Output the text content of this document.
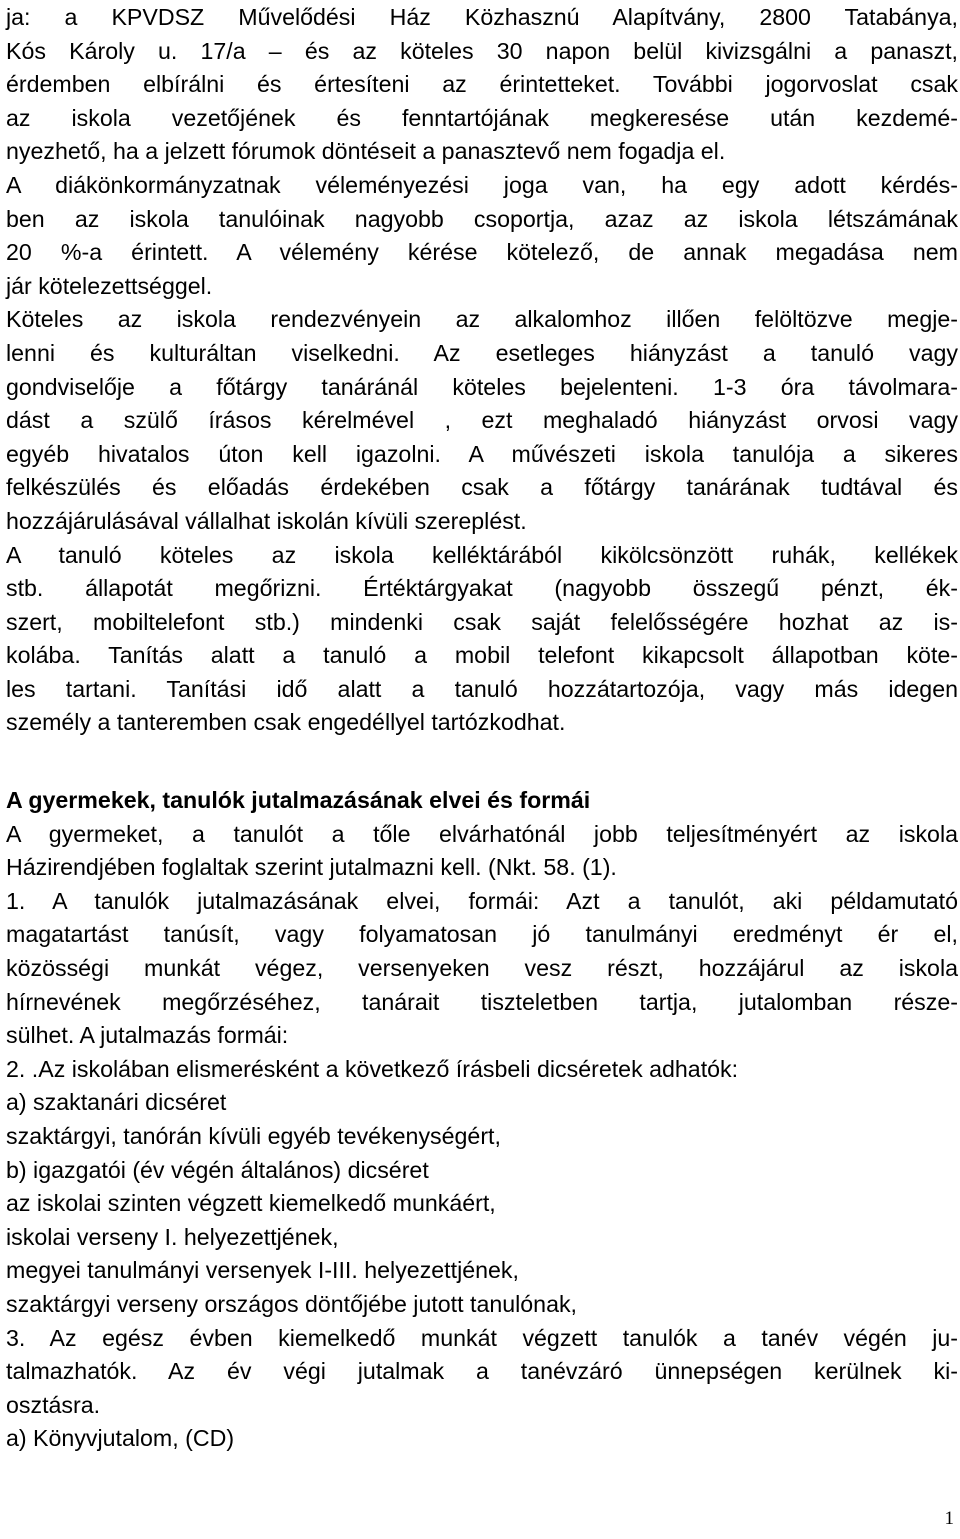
ja: a KPVDSZ Művelődési Ház Közhasznú Alapítvány, 2800 Tatabánya,
Kós Károly u. 17/a – és az köteles 30 napon belül kivizsgálni a panaszt,
érdemben elbírálni és értesíteni az érintetteket. További jogorvoslat csak
az iskola vezetőjének és fenntartójának megkeresése után kezdemé-
nyezhető, ha a jelzett fórumok döntéseit a panasztevő nem fogadja el.
A diákönkormányzatnak véleményezési joga van, ha egy adott kérdés-
ben az iskola tanulóinak nagyobb csoportja, azaz az iskola létszámának
20 %-a érintett. A vélemény kérése kötelező, de annak megadása nem
jár kötelezettséggel.
Köteles az iskola rendezvényein az alkalomhoz illően felöltözve megje-
lenni és kulturáltan viselkedni. Az esetleges hiányzást a tanuló vagy
gondviselője a főtárgy tanáránál köteles bejelenteni. 1-3 óra távolmara-
dást a szülő írásos kérelmével , ezt meghaladó hiányzást orvosi vagy
egyéb hivatalos úton kell igazolni. A művészeti iskola tanulója a sikeres
felkészülés és előadás érdekében csak a főtárgy tanárának tudtával és
hozzájárulásával vállalhat iskolán kívüli szereplést.
A tanuló köteles az iskola kelléktárából kikölcsönzött ruhák, kellékek
stb. állapotát megőrizni. Értéktárgyakat (nagyobb összegű pénzt, ék-
szert, mobiltelefont stb.) mindenki csak saját felelősségére hozhat az is-
kolába. Tanítás alatt a tanuló a mobil telefont kikapcsolt állapotban köte-
les tartani. Tanítási idő alatt a tanuló hozzátartozója, vagy más idegen
személy a tanteremben csak engedéllyel tartózkodhat.
A gyermekek, tanulók jutalmazásának elvei és formái
A gyermeket, a tanulót a tőle elvárhatónál jobb teljesítményért az iskola
Házirendjében foglaltak szerint jutalmazni kell. (Nkt. 58. (1).
1. A tanulók jutalmazásának elvei, formái: Azt a tanulót, aki példamutató
magatartást tanúsít, vagy folyamatosan jó tanulmányi eredményt ér el,
közösségi munkát végez, versenyeken vesz részt, hozzájárul az iskola
hírnevének megőrzéséhez, tanárait tiszteletben tartja, jutalomban része-
sülhet. A jutalmazás formái:
2. .Az iskolában elismerésként a következő írásbeli dicséretek adhatók:
a) szaktanári dicséret
szaktárgyi, tanórán kívüli egyéb tevékenységért,
b) igazgatói (év végén általános) dicséret
az iskolai szinten végzett kiemelkedő munkáért,
iskolai verseny I. helyezettjének,
megyei tanulmányi versenyek I-III. helyezettjének,
szaktárgyi verseny országos döntőjébe jutott tanulónak,
3. Az egész évben kiemelkedő munkát végzett tanulók a tanév végén ju-
talmazhatók. Az év végi jutalmak a tanévzáró ünnepségen kerülnek ki-
osztásra.
a) Könyvjutalom, (CD)
1
